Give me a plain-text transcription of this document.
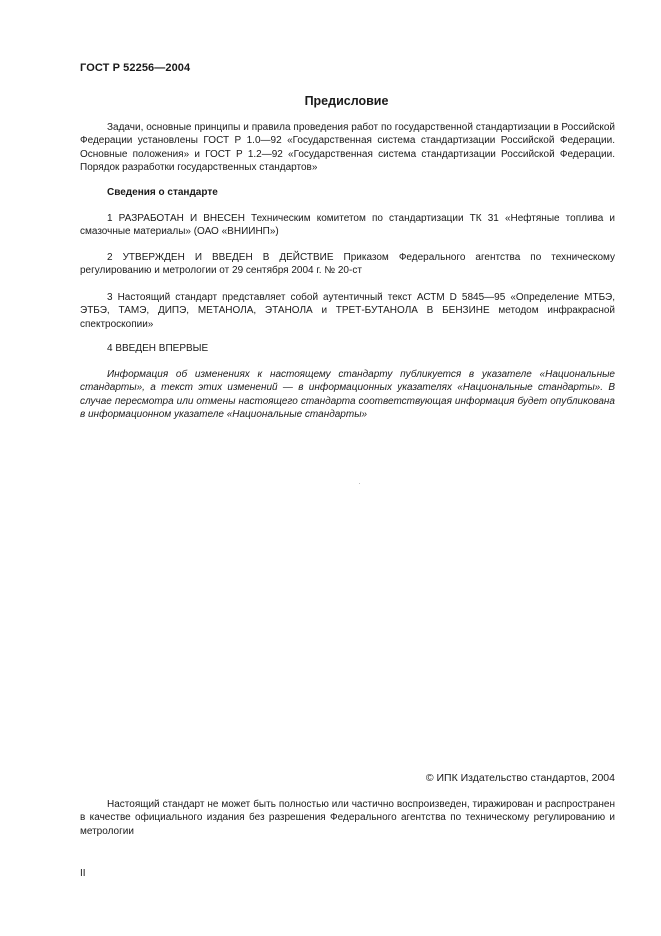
ГОСТ Р 52256—2004
Предисловие

Задачи, основные принципы и правила проведения работ по государственной стандартизации в Российской Федерации установлены ГОСТ Р 1.0—92 «Государственная система стандартизации Российской Федерации. Основные положения» и ГОСТ Р 1.2—92 «Государственная система стандартизации Российской Федерации. Порядок разработки государственных стандартов»

Сведения о стандарте

1 РАЗРАБОТАН И ВНЕСЕН Техническим комитетом по стандартизации ТК 31 «Нефтяные топлива и смазочные материалы» (ОАО «ВНИИНП»)

2 УТВЕРЖДЕН И ВВЕДЕН В ДЕЙСТВИЕ Приказом Федерального агентства по техническому регулированию и метрологии от 29 сентября 2004 г. № 20-ст

3 Настоящий стандарт представляет собой аутентичный текст АСТМ D 5845—95 «Определение МТБЭ, ЭТБЭ, ТАМЭ, ДИПЭ, МЕТАНОЛА, ЭТАНОЛА и ТРЕТ-БУТАНОЛА В БЕНЗИНЕ методом инфракрасной спектроскопии»

4 ВВЕДЕН ВПЕРВЫЕ

Информация об изменениях к настоящему стандарту публикуется в указателе «Национальные стандарты», а текст этих изменений — в информационных указателях «Национальные стандарты». В случае пересмотра или отмены настоящего стандарта соответствующая информация будет опубликована в информационном указателе «Национальные стандарты»

© ИПК Издательство стандартов, 2004

Настоящий стандарт не может быть полностью или частично воспроизведен, тиражирован и распространен в качестве официального издания без разрешения Федерального агентства по техническому регулированию и метрологии

II
